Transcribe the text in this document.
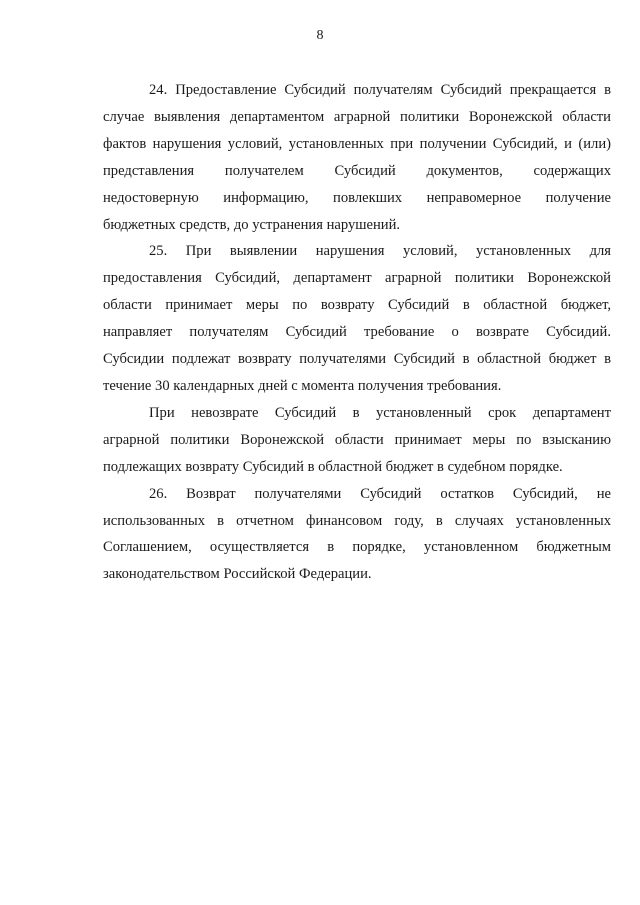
8
24. Предоставление Субсидий получателям Субсидий прекращается в
случае выявления департаментом аграрной политики Воронежской области
фактов нарушения условий, установленных при получении Субсидий, и (или)
представления получателем Субсидий документов, содержащих
недостоверную информацию, повлекших неправомерное получение
бюджетных средств, до устранения нарушений.
25. При выявлении нарушения условий, установленных для
предоставления Субсидий, департамент аграрной политики Воронежской
области принимает меры по возврату Субсидий в областной бюджет,
направляет получателям Субсидий требование о возврате Субсидий.
Субсидии подлежат возврату получателями Субсидий в областной бюджет в
течение 30 календарных дней с момента получения требования.
При невозврате Субсидий в установленный срок департамент
аграрной политики Воронежской области принимает меры по взысканию
подлежащих возврату Субсидий в областной бюджет в судебном порядке.
26. Возврат получателями Субсидий остатков Субсидий, не
использованных в отчетном финансовом году, в случаях установленных
Соглашением, осуществляется в порядке, установленном бюджетным
законодательством Российской Федерации.
